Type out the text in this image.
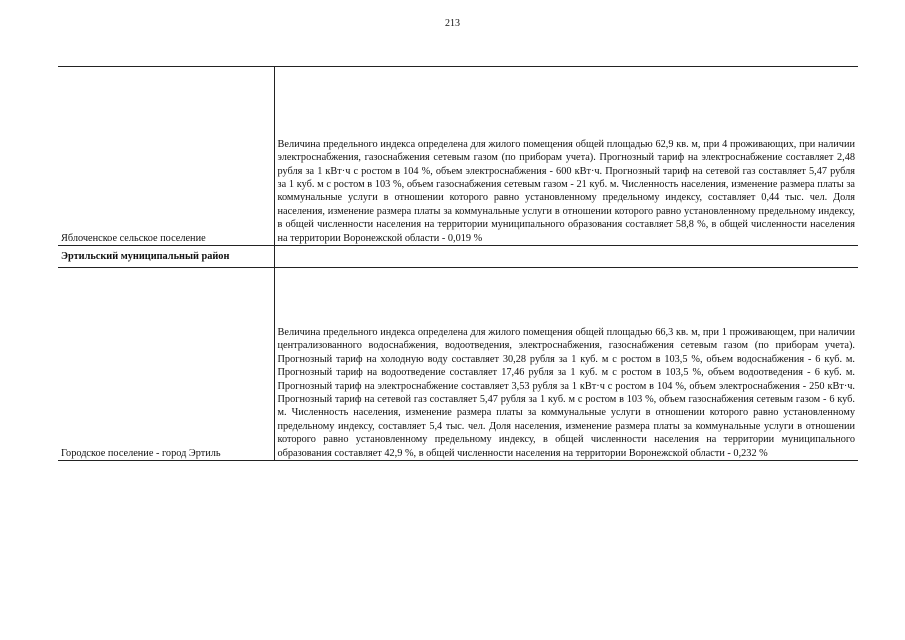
213
Яблоченское сельское поселение	Величина предельного индекса определена для жилого помещения общей площадью 62,9 кв. м, при 4 проживающих, при наличии электроснабжения, газоснабжения сетевым газом (по приборам учета). Прогнозный тариф на электроснабжение составляет 2,48 рубля за 1 кВт·ч с ростом в 104 %, объем электроснабжения - 600 кВт·ч. Прогнозный тариф на сетевой газ составляет 5,47 рубля за 1 куб. м с ростом в 103 %, объем газоснабжения сетевым газом - 21 куб. м. Численность населения, изменение размера платы за коммунальные услуги в отношении которого равно установленному предельному индексу, составляет 0,44 тыс. чел. Доля населения, изменение размера платы за коммунальные услуги в отношении которого равно установленному предельному индексу, в общей численности населения на территории муниципального образования составляет 58,8 %, в общей численности населения на территории Воронежской области - 0,019 %

Эртильский муниципальный район	
Городское поселение - город Эртиль	Величина предельного индекса определена для жилого помещения общей площадью 66,3 кв. м, при 1 проживающем, при наличии централизованного водоснабжения, водоотведения, электроснабжения, газоснабжения сетевым газом (по приборам учета). Прогнозный тариф на холодную воду составляет 30,28 рубля за 1 куб. м с ростом в 103,5 %, объем водоснабжения - 6 куб. м. Прогнозный тариф на водоотведение составляет 17,46 рубля за 1 куб. м с ростом в 103,5 %, объем водоотведения - 6 куб. м. Прогнозный тариф на электроснабжение составляет 3,53 рубля за 1 кВт·ч с ростом в 104 %, объем электроснабжения - 250 кВт·ч. Прогнозный тариф на сетевой газ составляет 5,47 рубля за 1 куб. м с ростом в 103 %, объем газоснабжения сетевым газом - 6 куб. м. Численность населения, изменение размера платы за коммунальные услуги в отношении которого равно установленному предельному индексу, составляет 5,4 тыс. чел. Доля населения, изменение размера платы за коммунальные услуги в отношении которого равно установленному предельному индексу, в общей численности населения на территории муниципального образования составляет 42,9 %, в общей численности населения на территории Воронежской области - 0,232 %
